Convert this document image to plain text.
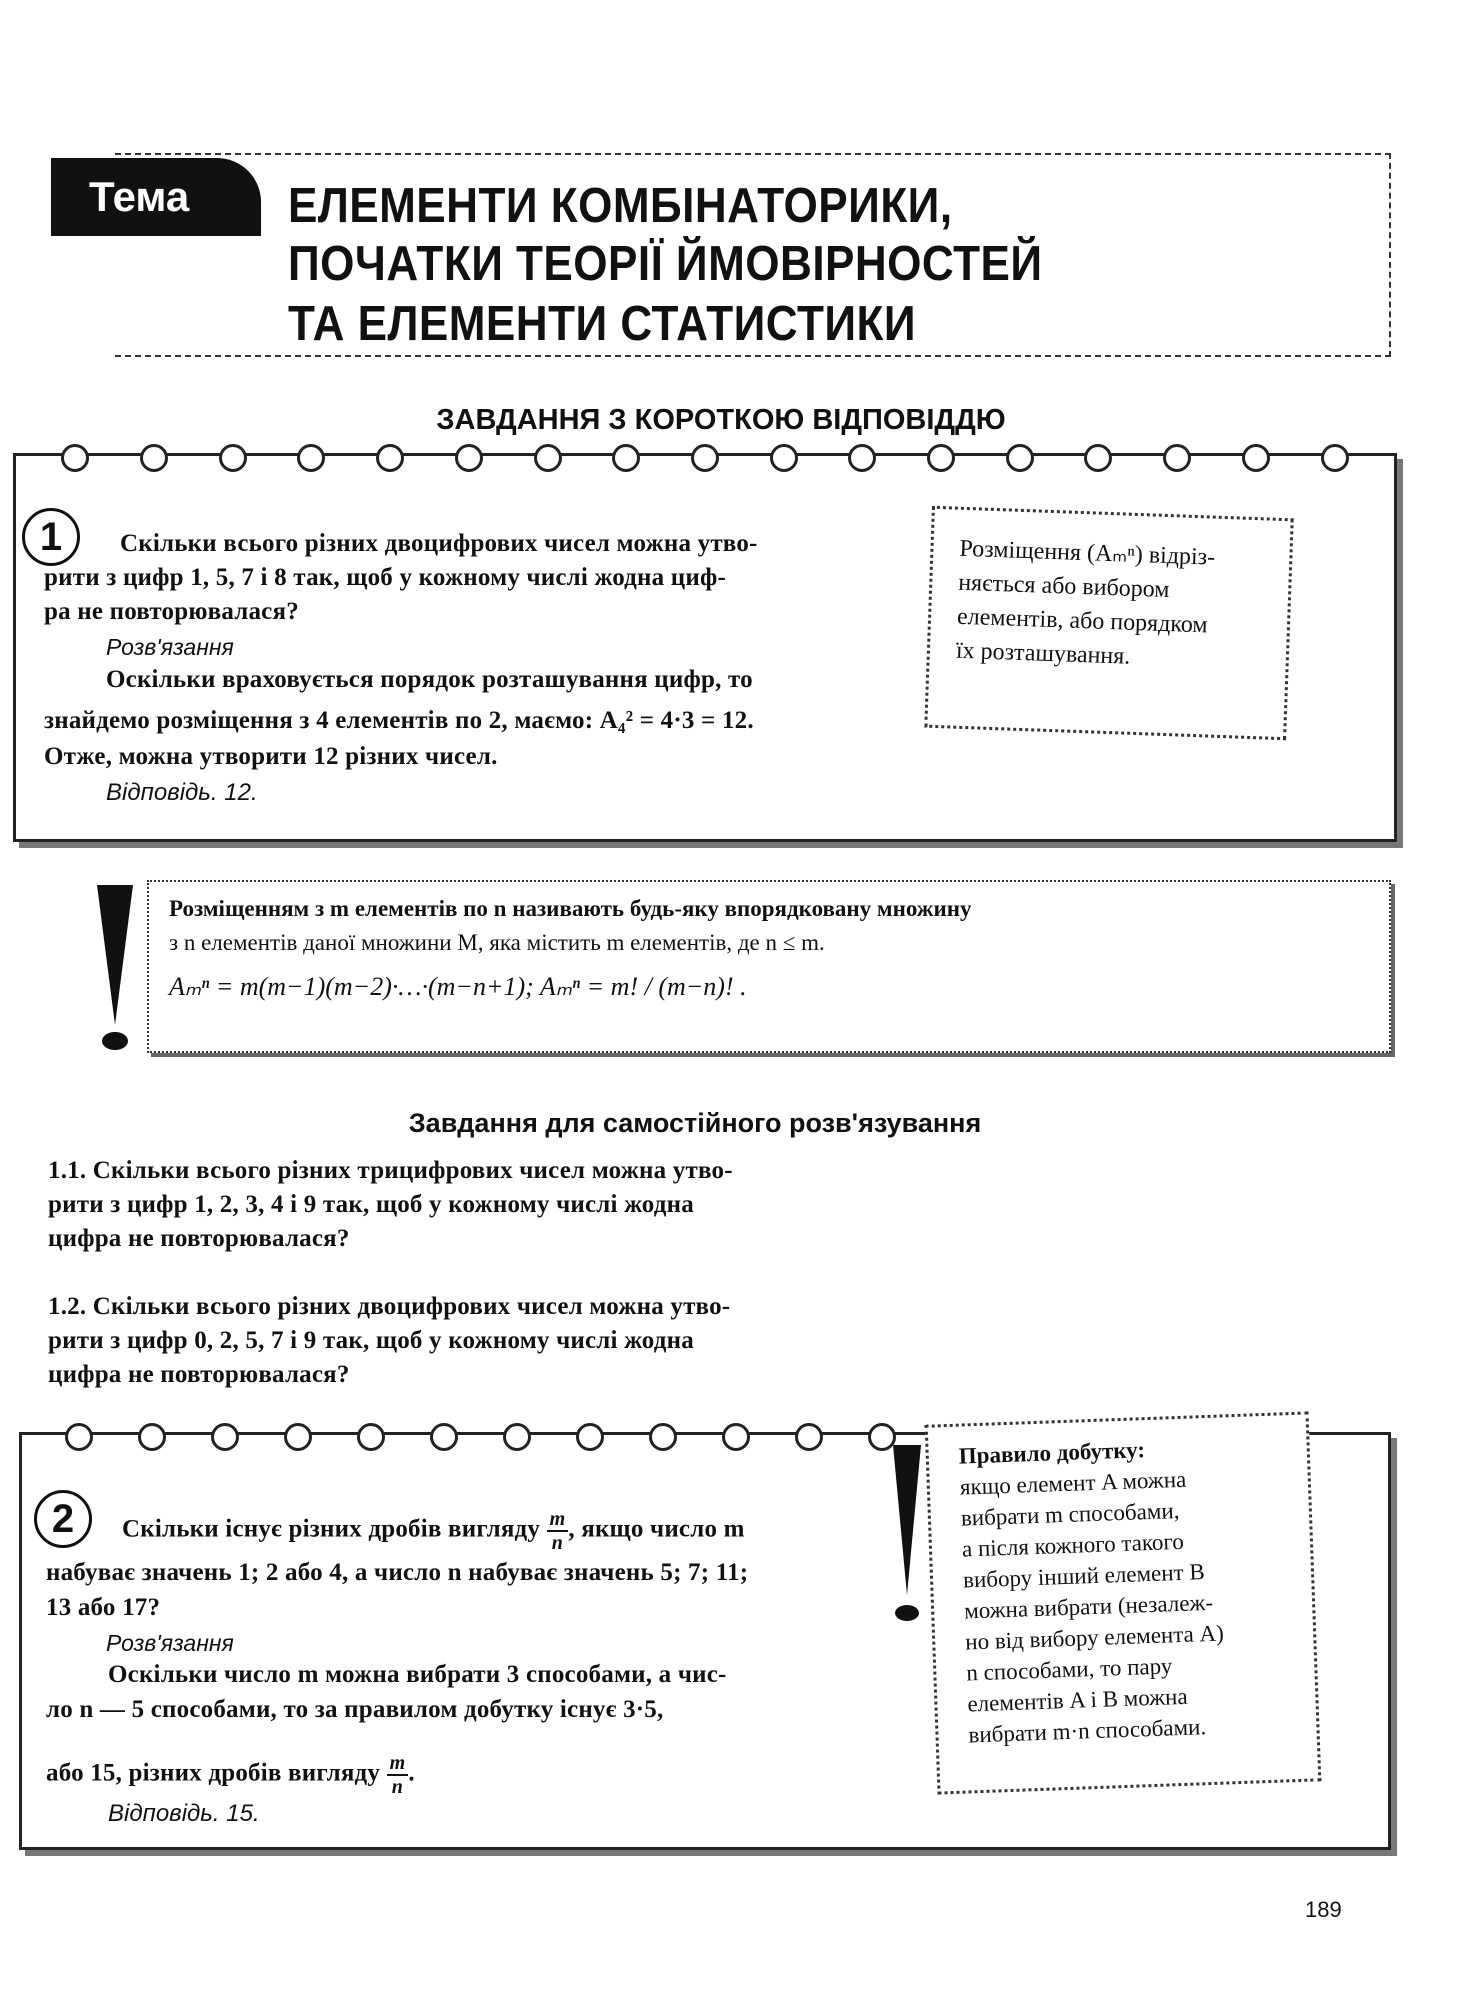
Тема	ЕЛЕМЕНТИ КОМБІНАТОРИКИ,
ПОЧАТКИ ТЕОРІЇ ЙМОВІРНОСТЕЙ
ТА ЕЛЕМЕНТИ СТАТИСТИКИ
ЗАВДАННЯ З КОРОТКОЮ ВІДПОВІДДЮ
1	Скільки всього різних двоцифрових чисел можна утво-
рити з цифр 1, 5, 7 і 8 так, щоб у кожному числі жодна циф-
ра не повторювалася?
Розв'язання
Оскільки враховується порядок розташування цифр, то
знайдемо розміщення з 4 елементів по 2, маємо: A₄² = 4·3 = 12.
Отже, можна утворити 12 різних чисел.
Відповідь. 12.
Розміщення (Aₘⁿ) відріз-
няється або вибором
елементів, або порядком
їх розташування.
Розміщенням з m елементів по n називають будь-яку впорядковану множину
з n елементів даної множини M, яка містить m елементів, де n ≤ m.
Aₘⁿ = m(m−1)(m−2)·…·(m−n+1); Aₘⁿ = m! / (m−n)! .
Завдання для самостійного розв'язування
1.1. Скільки всього різних трицифрових чисел можна утво-
рити з цифр 1, 2, 3, 4 і 9 так, щоб у кожному числі жодна
цифра не повторювалася?
1.2. Скільки всього різних двоцифрових чисел можна утво-
рити з цифр 0, 2, 5, 7 і 9 так, щоб у кожному числі жодна
цифра не повторювалася?
2	Скільки існує різних дробів вигляду $\frac{m}{n}$ , якщо число m
набуває значень 1; 2 або 4, а число n набуває значень 5; 7; 11;
13 або 17?
Розв'язання
Оскільки число m можна вибрати 3 способами, а чис-
ло n — 5 способами, то за правилом добутку існує 3·5,
або 15, різних дробів вигляду $\frac{m}{n}$ .
Відповідь. 15.
Правило добутку:
якщо елемент A можна
вибрати m способами,
а після кожного такого
вибору інший елемент B
можна вибрати (незалеж-
но від вибору елемента A)
n способами, то пару
елементів A і B можна
вибрати m·n способами.
189
